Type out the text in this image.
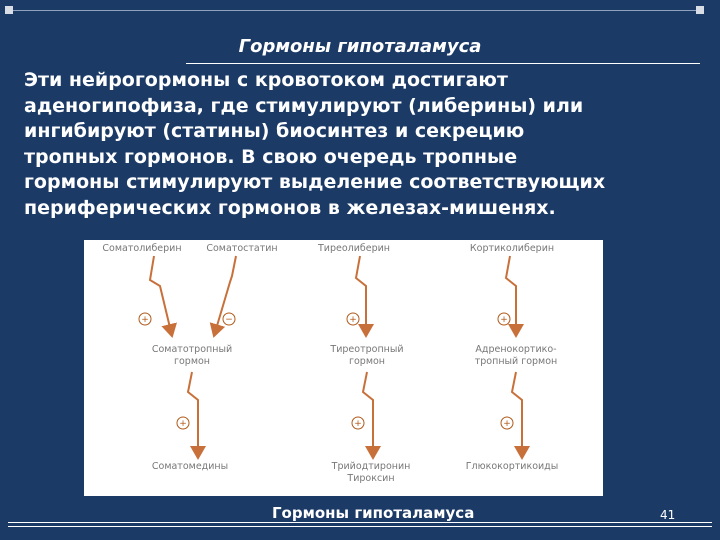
Гормоны гипоталамуса
Эти нейрогормоны с кровотоком достигают
аденогипофиза, где стимулируют (либерины) или
ингибируют (статины) биосинтез и секрецию
тропных гормонов. В свою очередь тропные
гормоны стимулируют выделение соответствующих
периферических гормонов в железах-мишенях.
Соматолиберин	Соматостатин	Тиреолиберин	Кортиколиберин
+	−	+	+
Соматотропный
гормон
Тиреотропный
гормон
Адренокортико-
тропный гормон
+	+	+
Соматомедины	Трийодтиронин
Тироксин
Глюкокортикоиды
Гормоны гипоталамуса	41
